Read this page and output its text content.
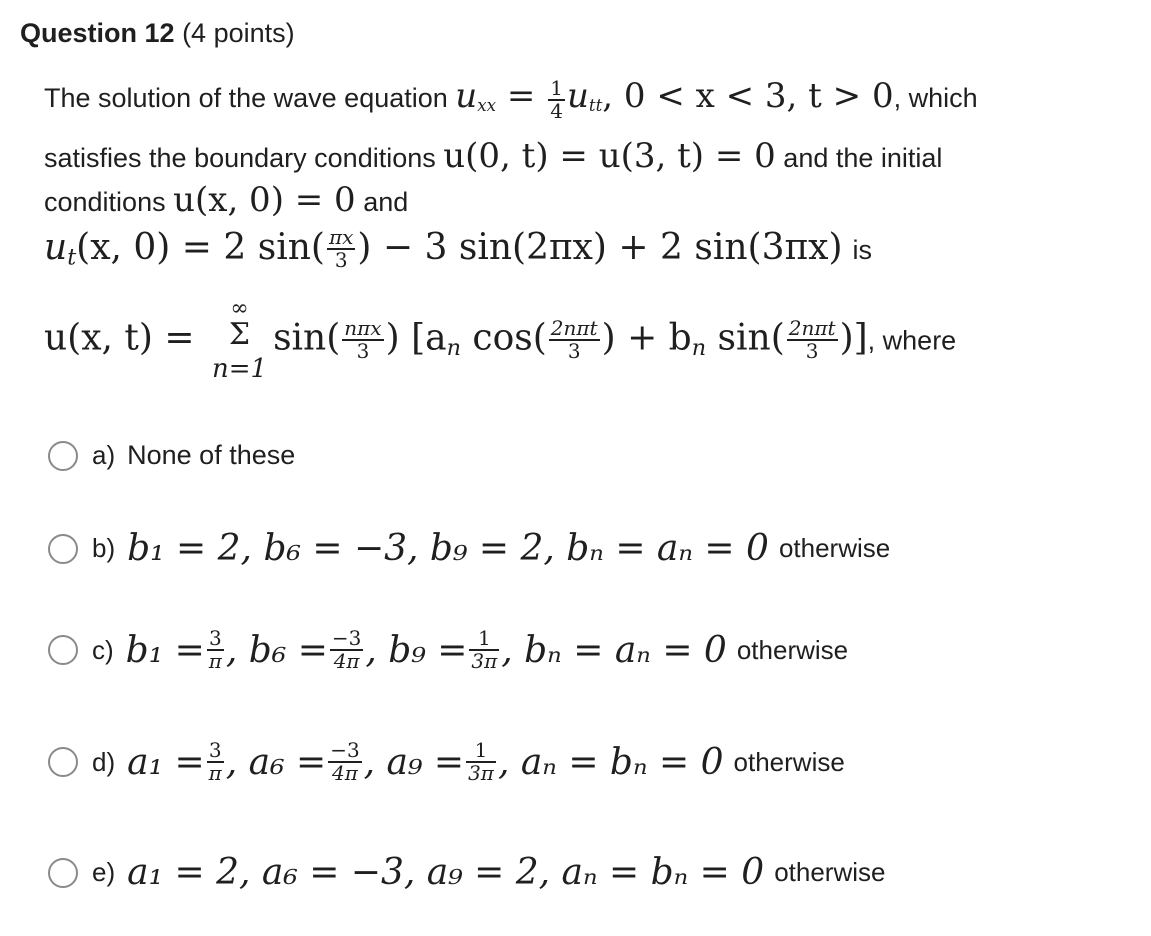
Question 12 (4 points)
The solution of the wave equation $u_{xx} = \frac{1}{4} u_{tt}$, 0 < x < 3, t > 0, which
satisfies the boundary conditions u(0, t) = u(3, t) = 0 and the initial
conditions u(x, 0) = 0 and
$u_t(x$, 0) = 2 $\sin( \frac{\pi x}{3}$ ) − 3 sin(2πx) + 2 sin(3πx) is
u(x, t) =
∞
Σ
n=1
$\sin( \frac{\text{nπx}}{3}$ ) [$a_n$ $\cos( \frac{\text{2nπt}}{3}$ ) + $b_n$ $\sin( \frac{\text{2nπt}}{3}$ )], where
a) None of these
b) b₁ = 2, b₆ = −3, b₉ = 2, bₙ = aₙ = 0 otherwise
c) $b_1 = \frac{3}{\pi}$ , $b_6 = \frac{-3}{4\pi}$ , $b_9 = \frac{1}{3\pi}$ , bₙ = aₙ = 0 otherwise
d) $a_1 = \frac{3}{\pi}$ , $a_6 = \frac{-3}{4\pi}$ , $a_9 = \frac{1}{3\pi}$ , aₙ = bₙ = 0 otherwise
e) a₁ = 2, a₆ = −3, a₉ = 2, aₙ = bₙ = 0 otherwise
